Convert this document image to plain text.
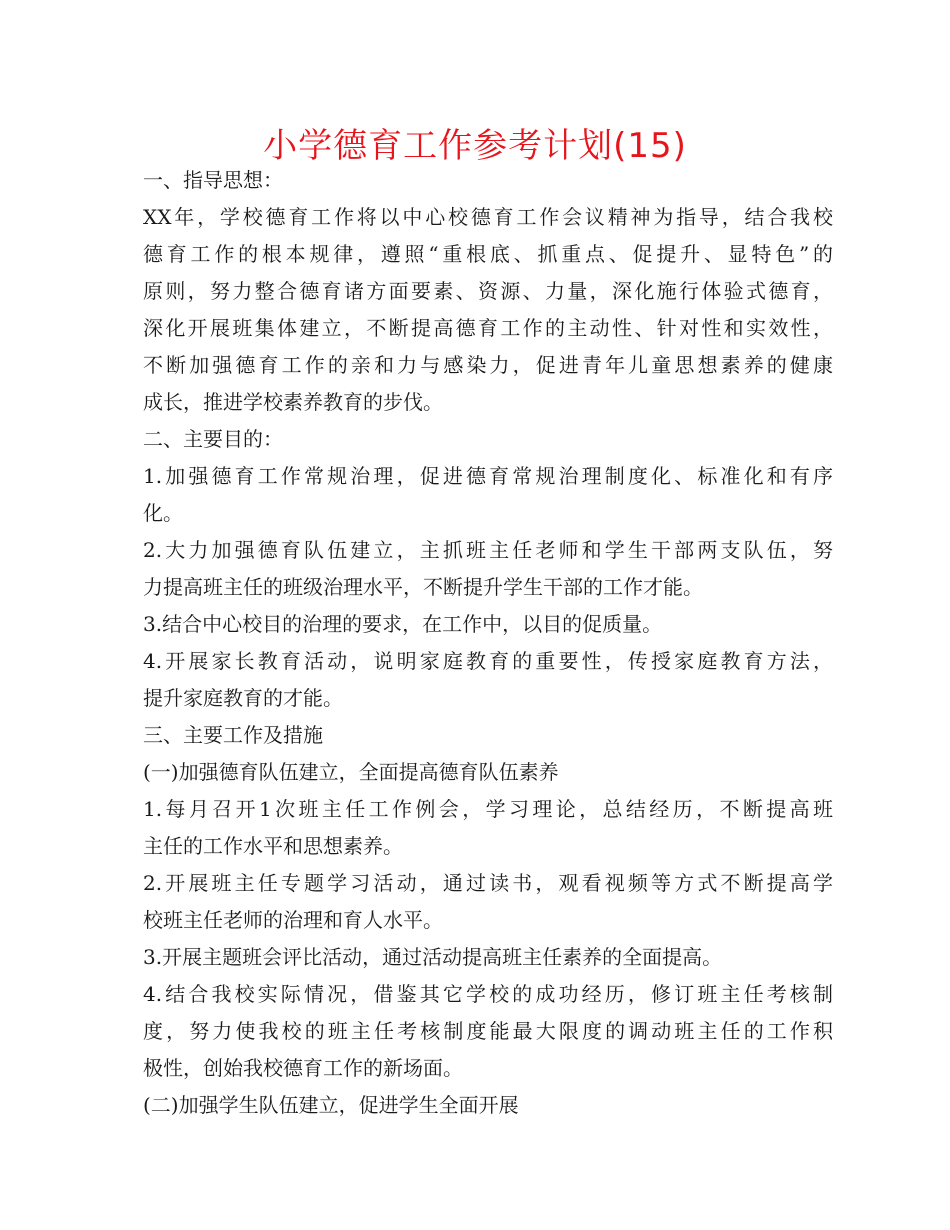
小学德育工作参考计划(15)
一、指导思想：
XX年，学校德育工作将以中心校德育工作会议精神为指导，结合我校
德育工作的根本规律，遵照“重根底、抓重点、促提升、显特色”的
原则，努力整合德育诸方面要素、资源、力量，深化施行体验式德育，
深化开展班集体建立，不断提高德育工作的主动性、针对性和实效性，
不断加强德育工作的亲和力与感染力，促进青年儿童思想素养的健康
成长，推进学校素养教育的步伐。
二、主要目的：
1.加强德育工作常规治理，促进德育常规治理制度化、标准化和有序
化。
2.大力加强德育队伍建立，主抓班主任老师和学生干部两支队伍，努
力提高班主任的班级治理水平，不断提升学生干部的工作才能。
3.结合中心校目的治理的要求，在工作中，以目的促质量。
4.开展家长教育活动，说明家庭教育的重要性，传授家庭教育方法，
提升家庭教育的才能。
三、主要工作及措施
(一)加强德育队伍建立，全面提高德育队伍素养
1.每月召开1次班主任工作例会，学习理论，总结经历，不断提高班
主任的工作水平和思想素养。
2.开展班主任专题学习活动，通过读书，观看视频等方式不断提高学
校班主任老师的治理和育人水平。
3.开展主题班会评比活动，通过活动提高班主任素养的全面提高。
4.结合我校实际情况，借鉴其它学校的成功经历，修订班主任考核制
度，努力使我校的班主任考核制度能最大限度的调动班主任的工作积
极性，创始我校德育工作的新场面。
(二)加强学生队伍建立，促进学生全面开展
